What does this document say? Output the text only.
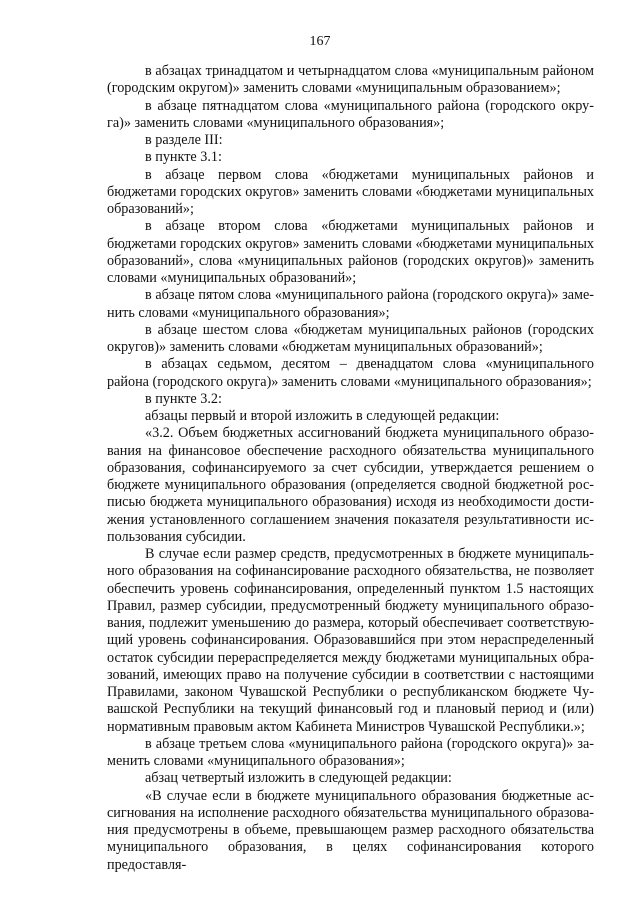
167

в абзацах тринадцатом и четырнадцатом слова «муниципальным районом (городским округом)» заменить словами «муниципальным образованием»;

в абзаце пятнадцатом слова «муниципального района (городского округа)» заменить словами «муниципального образования»;

в разделе III:

в пункте 3.1:

в абзаце первом слова «бюджетами муниципальных районов и бюджетами городских округов» заменить словами «бюджетами муниципальных образований»;

в абзаце втором слова «бюджетами муниципальных районов и бюджетами городских округов» заменить словами «бюджетами муниципальных образований», слова «муниципальных районов (городских округов)» заменить словами «муниципальных образований»;

в абзаце пятом слова «муниципального района (городского округа)» заменить словами «муниципального образования»;

в абзаце шестом слова «бюджетам муниципальных районов (городских округов)» заменить словами «бюджетам муниципальных образований»;

в абзацах седьмом, десятом – двенадцатом слова «муниципального района (городского округа)» заменить словами «муниципального образования»;

в пункте 3.2:

абзацы первый и второй изложить в следующей редакции:

«3.2. Объем бюджетных ассигнований бюджета муниципального образования на финансовое обеспечение расходного обязательства муниципального образования, софинансируемого за счет субсидии, утверждается решением о бюджете муниципального образования (определяется сводной бюджетной росписью бюджета муниципального образования) исходя из необходимости достижения установленного соглашением значения показателя результативности использования субсидии.

В случае если размер средств, предусмотренных в бюджете муниципального образования на софинансирование расходного обязательства, не позволяет обеспечить уровень софинансирования, определенный пунктом 1.5 настоящих Правил, размер субсидии, предусмотренный бюджету муниципального образования, подлежит уменьшению до размера, который обеспечивает соответствующий уровень софинансирования. Образовавшийся при этом нераспределенный остаток субсидии перераспределяется между бюджетами муниципальных образований, имеющих право на получение субсидии в соответствии с настоящими Правилами, законом Чувашской Республики о республиканском бюджете Чувашской Республики на текущий финансовый год и плановый период и (или) нормативным правовым актом Кабинета Министров Чувашской Республики.»;

в абзаце третьем слова «муниципального района (городского округа)» заменить словами «муниципального образования»;

абзац четвертый изложить в следующей редакции:

«В случае если в бюджете муниципального образования бюджетные ассигнования на исполнение расходного обязательства муниципального образования предусмотрены в объеме, превышающем размер расходного обязательства муниципального образования, в целях софинансирования которого предоставля-
